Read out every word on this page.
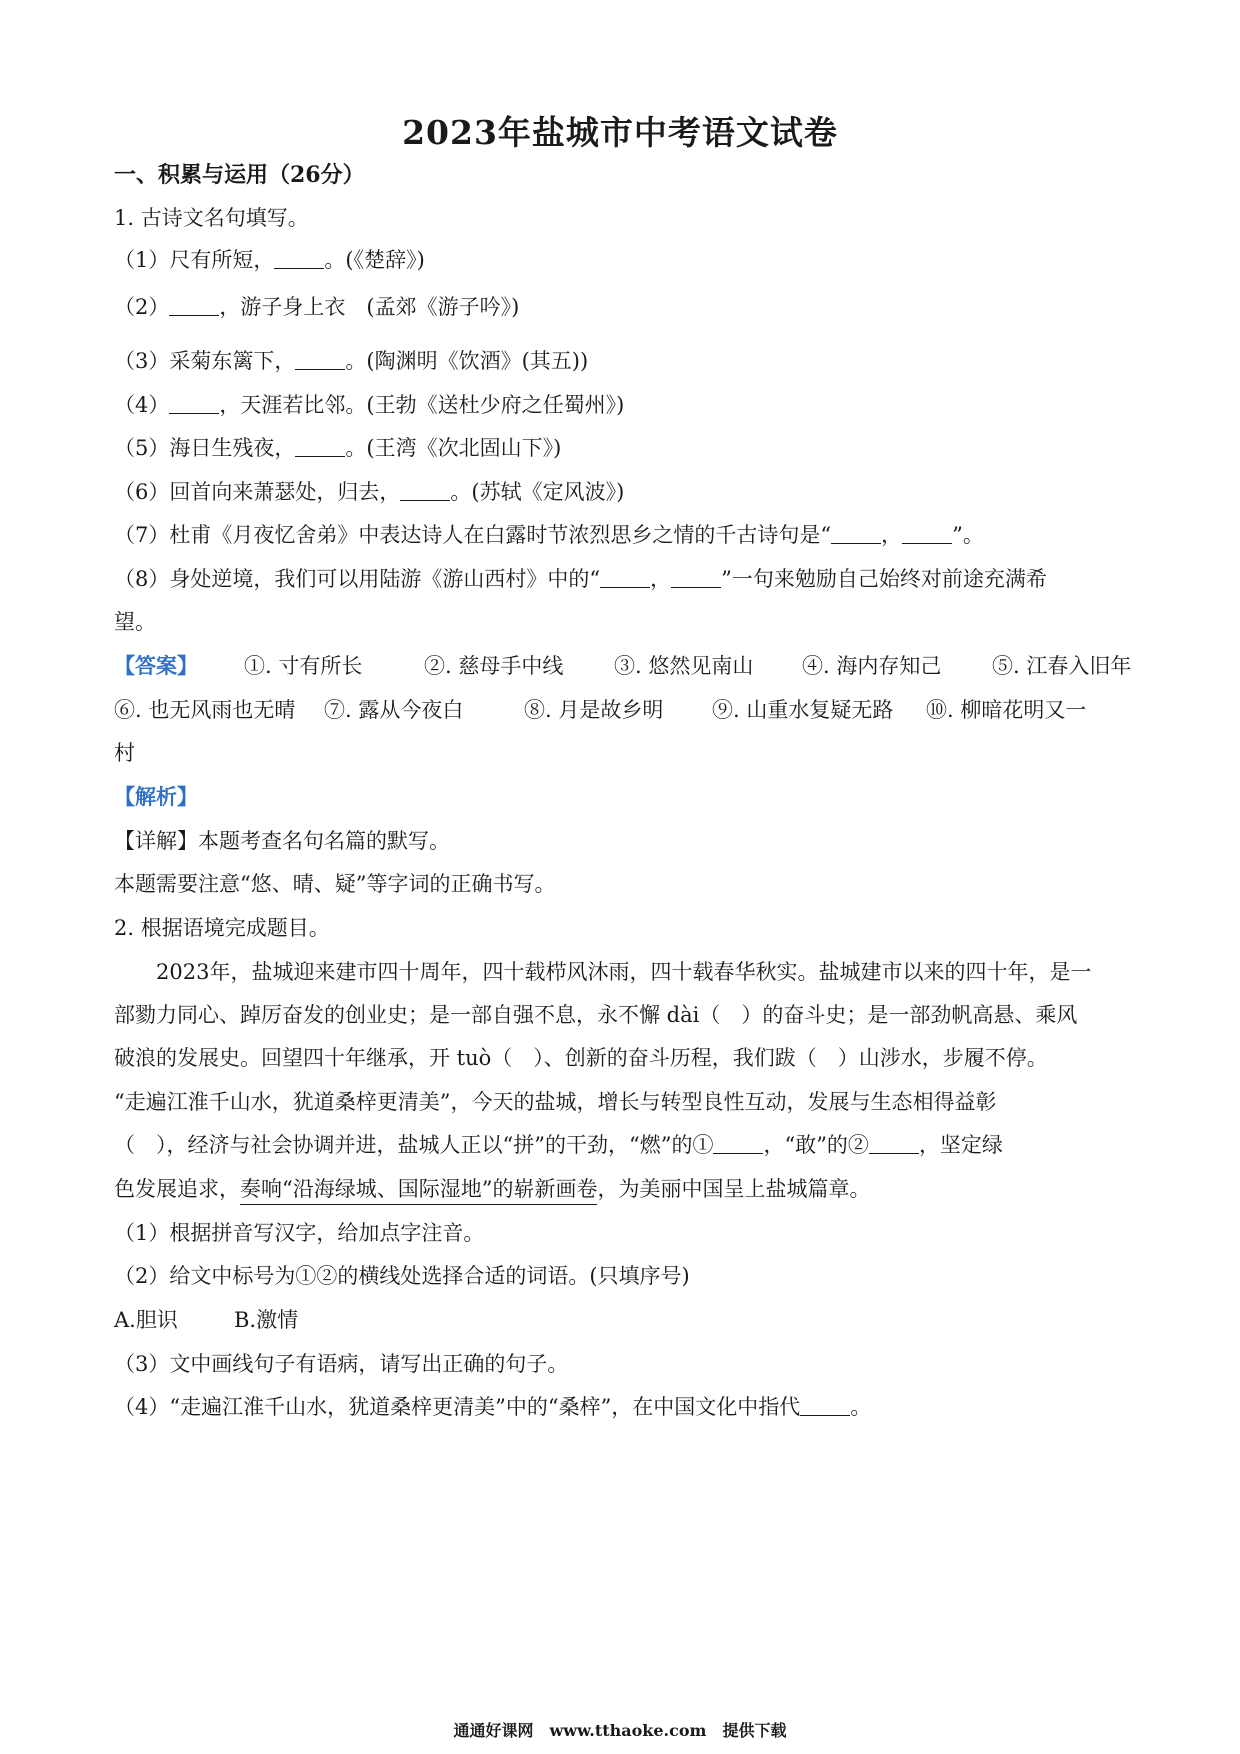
2023年盐城市中考语文试卷
一、积累与运用（26分）
1. 古诗文名句填写。
（1）尺有所短， 。(《楚辞》)
（2） ，游子身上衣　(孟郊《游子吟》)
（3）采菊东篱下， 。(陶渊明《饮酒》(其五))
（4） ，天涯若比邻。(王勃《送杜少府之任蜀州》)
（5）海日生残夜， 。(王湾《次北固山下》)
（6）回首向来萧瑟处，归去， 。(苏轼《定风波》)
（7）杜甫《月夜忆舍弟》中表达诗人在白露时节浓烈思乡之情的千古诗句是“ ， ”。
（8）身处逆境，我们可以用陆游《游山西村》中的“ ， ”一句来勉励自己始终对前途充满希
望。
【答案】 ①. 寸有所长	②. 慈母手中线 ③. 悠然见南山 ④. 海内存知己 ⑤. 江春入旧年
⑥. 也无风雨也无晴 ⑦. 露从今夜白	⑧. 月是故乡明 ⑨. 山重水复疑无路 ⑩. 柳暗花明又一
村
【解析】
【详解】本题考查名句名篇的默写。
本题需要注意“悠、晴、疑”等字词的正确书写。
2. 根据语境完成题目。
2023年，盐城迎来建市四十周年，四十载栉风沐雨，四十载春华秋实。盐城建市以来的四十年，是一
部勠力同心、踔厉奋发的创业史；是一部自强不息，永不懈 dài（　）的奋斗史；是一部劲帆高悬、乘风
破浪的发展史。回望四十年继承，开 tuò（　）、创新的奋斗历程，我们跋（　）山涉水，步履不停。
“走遍江淮千山水，犹道桑梓更清美”，今天的盐城，增长与转型良性互动，发展与生态相得益彰
（　），经济与社会协调并进，盐城人正以“拼”的干劲，“燃”的① ，“敢”的② ，坚定绿
色发展追求，奏响“沿海绿城、国际湿地”的崭新画卷，为美丽中国呈上盐城篇章。
（1）根据拼音写汉字，给加点字注音。
（2）给文中标号为①②的横线处选择合适的词语。(只填序号)
A.胆识	B.激情
（3）文中画线句子有语病，请写出正确的句子。
（4）“走遍江淮千山水，犹道桑梓更清美”中的“桑梓”，在中国文化中指代 。
通通好课网　www.tthaoke.com　提供下载
